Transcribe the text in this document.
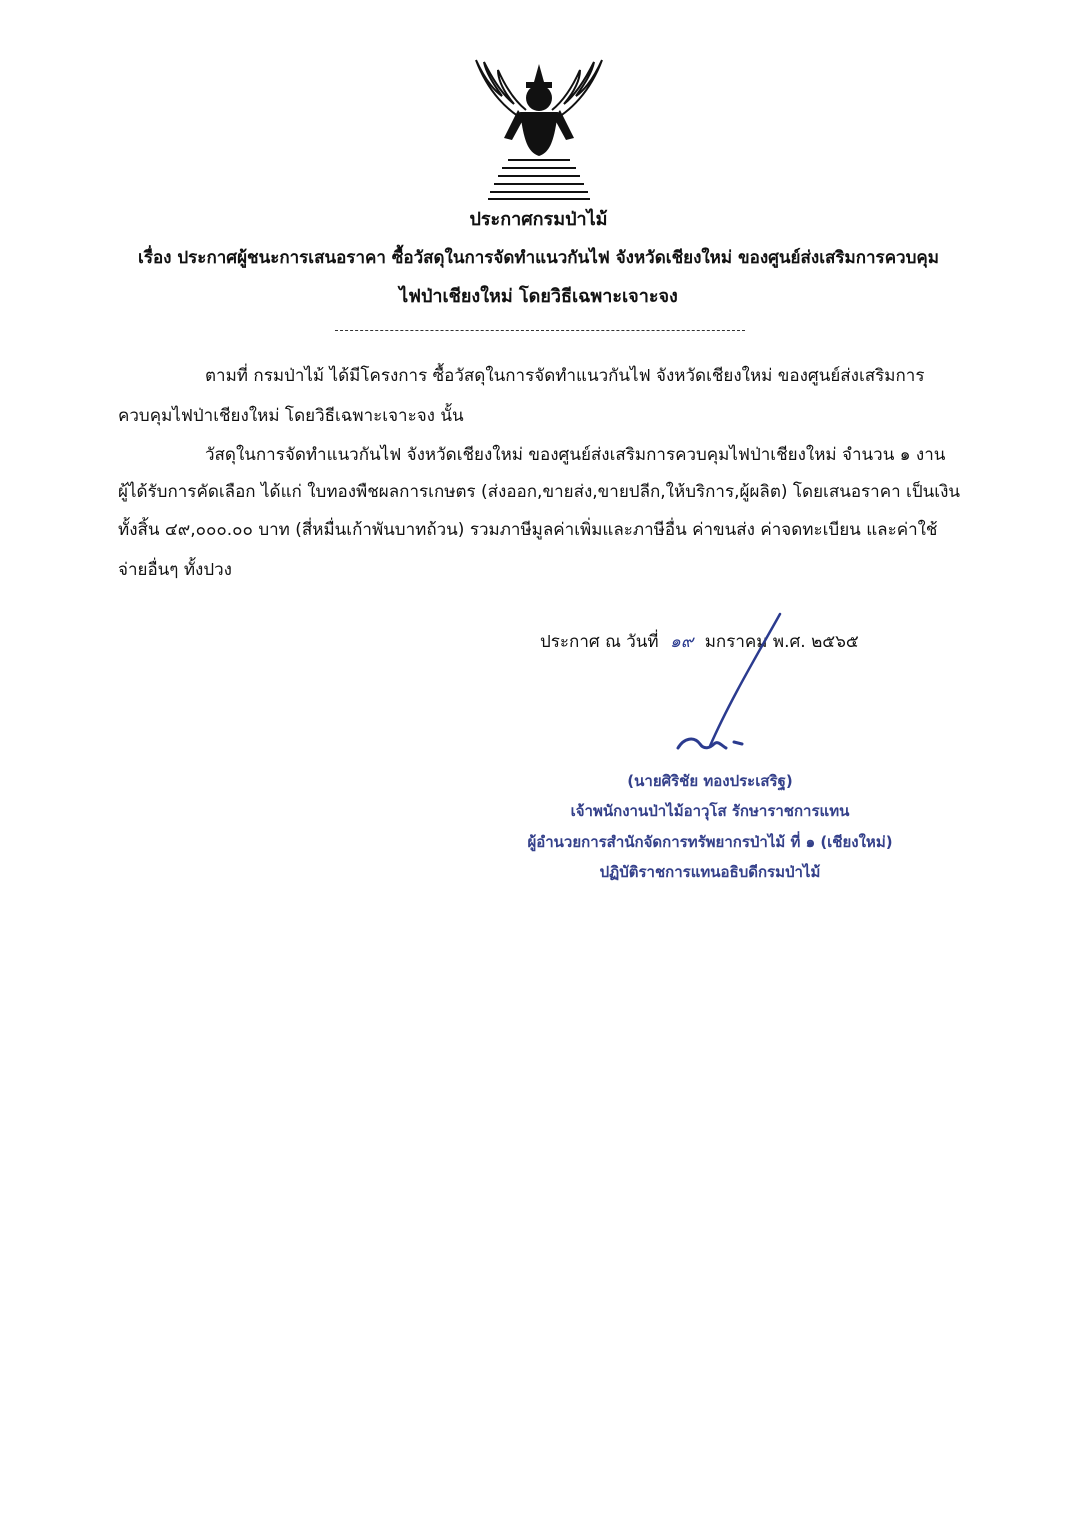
ประกาศกรมป่าไม้
เรื่อง ประกาศผู้ชนะการเสนอราคา ซื้อวัสดุในการจัดทำแนวกันไฟ จังหวัดเชียงใหม่ ของศูนย์ส่งเสริมการควบคุม
ไฟป่าเชียงใหม่ โดยวิธีเฉพาะเจาะจง
ตามที่ กรมป่าไม้ ได้มีโครงการ ซื้อวัสดุในการจัดทำแนวกันไฟ จังหวัดเชียงใหม่ ของศูนย์ส่งเสริมการ
ควบคุมไฟป่าเชียงใหม่ โดยวิธีเฉพาะเจาะจง นั้น
วัสดุในการจัดทำแนวกันไฟ จังหวัดเชียงใหม่ ของศูนย์ส่งเสริมการควบคุมไฟป่าเชียงใหม่ จำนวน ๑ งาน
ผู้ได้รับการคัดเลือก ได้แก่ ใบทองพืชผลการเกษตร (ส่งออก,ขายส่ง,ขายปลีก,ให้บริการ,ผู้ผลิต) โดยเสนอราคา เป็นเงิน
ทั้งสิ้น ๔๙,๐๐๐.๐๐ บาท (สี่หมื่นเก้าพันบาทถ้วน) รวมภาษีมูลค่าเพิ่มและภาษีอื่น ค่าขนส่ง ค่าจดทะเบียน และค่าใช้
จ่ายอื่นๆ ทั้งปวง
ประกาศ ณ วันที่ ๑๙ มกราคม พ.ศ. ๒๕๖๕
(นายศิริชัย ทองประเสริฐ)
เจ้าพนักงานป่าไม้อาวุโส รักษาราชการแทน
ผู้อำนวยการสำนักจัดการทรัพยากรป่าไม้ ที่ ๑ (เชียงใหม่)
ปฏิบัติราชการแทนอธิบดีกรมป่าไม้
